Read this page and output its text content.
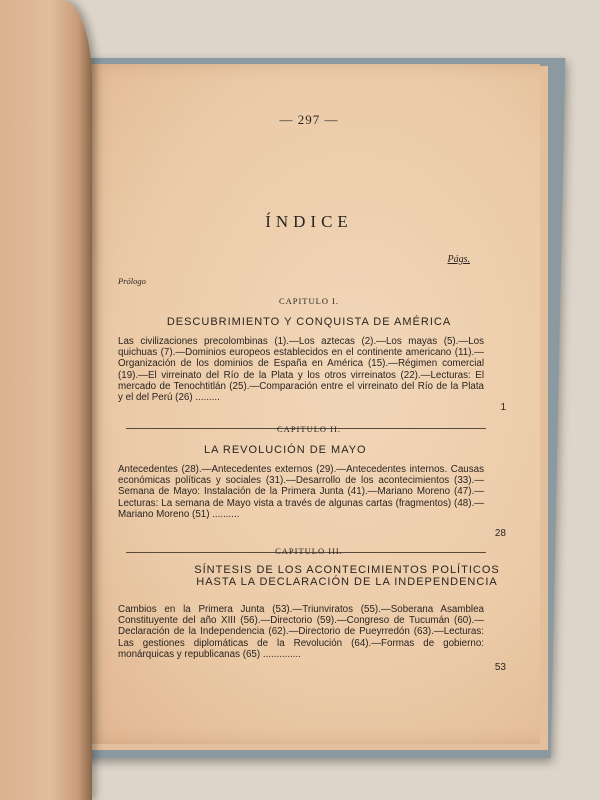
— 297 —
ÍNDICE
Págs.
Prólogo
CAPITULO I.
DESCUBRIMIENTO Y CONQUISTA DE AMÉRICA
Las civilizaciones precolombinas (1).—Los aztecas (2).—Los mayas (5).—Los quichuas (7).—Dominios europeos establecidos en el continente americano (11).—Organización de los dominios de España en América (15).—Régimen comercial (19).—El virreinato del Río de la Plata y los otros virreinatos (22).—Lecturas: El mercado de Tenochtitlán (25).—Comparación entre el virreinato del Río de la Plata y el del Perú (26) .........
1
CAPITULO II.
LA REVOLUCIÓN DE MAYO
Antecedentes (28).—Antecedentes externos (29).—Antecedentes internos. Causas económicas políticas y sociales (31).—Desarrollo de los acontecimientos (33).—Semana de Mayo: Instalación de la Primera Junta (41).—Mariano Moreno (47).—Lecturas: La semana de Mayo vista a través de algunas cartas (fragmentos) (48).—Mariano Moreno (51) ..........
28
CAPITULO III.
SÍNTESIS DE LOS ACONTECIMIENTOS POLÍTICOS HASTA LA DECLARACIÓN DE LA INDEPENDENCIA
Cambios en la Primera Junta (53).—Triunviratos (55).—Soberana Asamblea Constituyente del año XIII (56).—Directorio (59).—Congreso de Tucumán (60).—Declaración de la Independencia (62).—Directorio de Pueyrredón (63).—Lecturas: Las gestiones diplomáticas de la Revolución (64).—Formas de gobierno: monárquicas y republicanas (65) ..............
53
